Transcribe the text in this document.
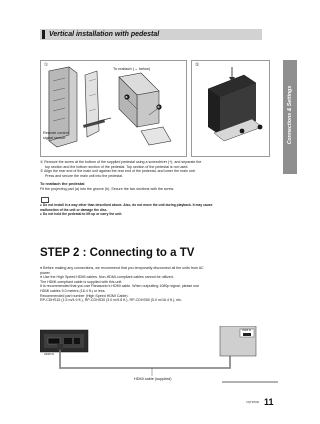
Vertical installation with pedestal
Connections & Settings
①
To reattach (→ below)
a
b
②
Remote control
signal sensor
① Remove the screw at the bottom of the supplied pedestal using a screwdriver (+), and separate the
top section and the bottom section of the pedestal. Top section of the pedestal is not used.
② Align the rear end of the main unit against the rear end of the pedestal, and lower the main unit.
Press and secure the main unit into the pedestal.
To reattach the pedestal
Fit the projecting part (a) into the groove (b). Secure the two sections with the screw.
● Do not install in a way other than described above. Also, do not move the unit during playback. It may cause
malfunction of the unit or damage the disc.
● Do not hold the pedestal to lift up or carry the unit.
STEP 2 : Connecting to a TV
● Before making any connections, we recommend that you temporarily disconnect all the units from AC
power.
● Use the High Speed HDMI cables. Non-HDMI-compliant cables cannot be utilized.
The HDMI-compliant cable is supplied with this unit.
It is recommended that you use Panasonic's HDMI cable. When outputting 1080p signal, please use
HDMI cables 5.0 meters (16.4 ft.) or less.
Recommended part number (High Speed HDMI Cable):
RP-CDHS15 (1.5 m/4.9 ft.), RP-CDHS30 (3.0 m/9.8 ft.), RP-CDHS50 (5.0 m/16.4 ft.), etc.
HDMI IN
HDMI IN
HDMI cable (supplied)
VQT3W06 11
